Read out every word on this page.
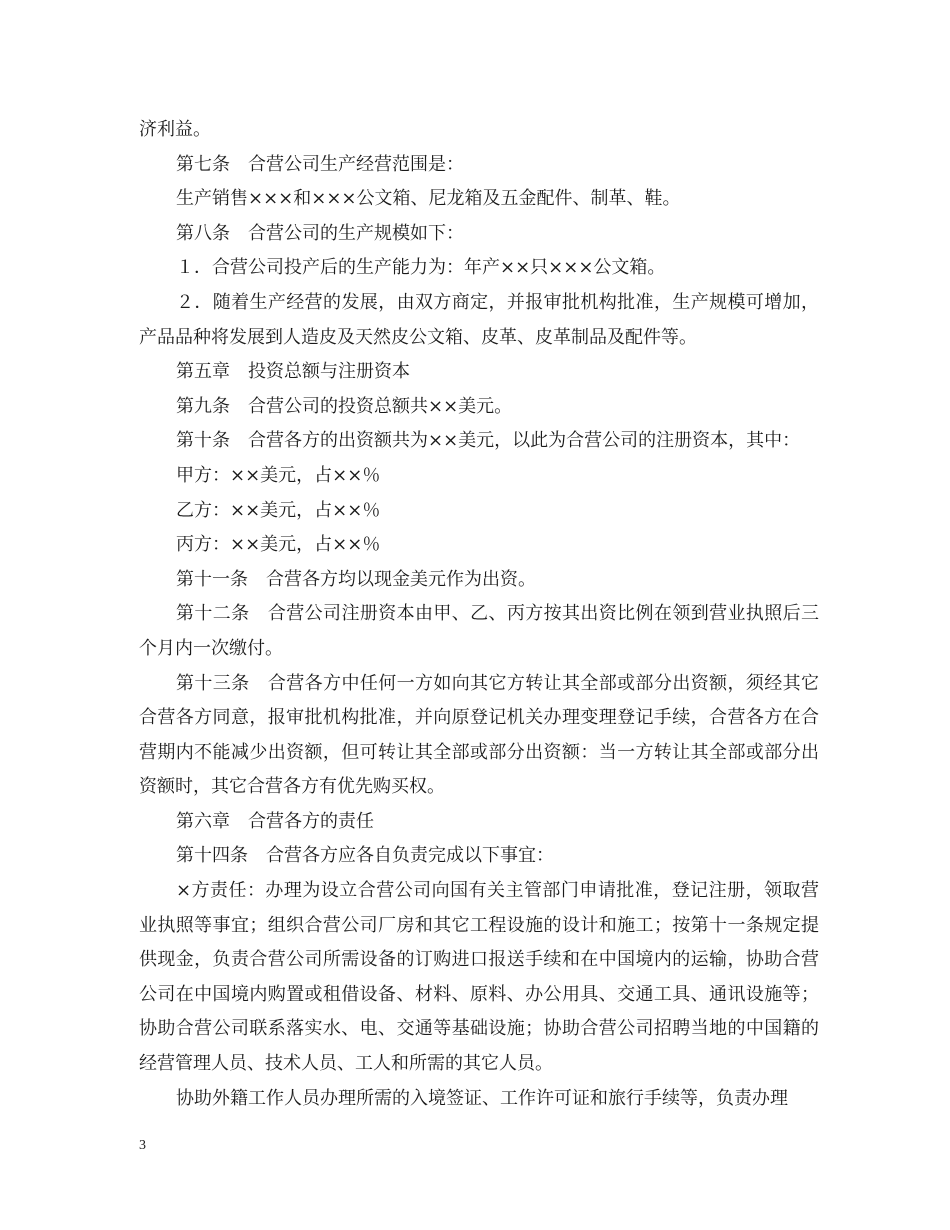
济利益。

第七条　合营公司生产经营范围是：

生产销售×××和×××公文箱、尼龙箱及五金配件、制革、鞋。

第八条　合营公司的生产规模如下：

１．合营公司投产后的生产能力为：年产××只×××公文箱。

２．随着生产经营的发展，由双方商定，并报审批机构批准，生产规模可增加，产品品种将发展到人造皮及天然皮公文箱、皮革、皮革制品及配件等。

第五章　投资总额与注册资本

第九条　合营公司的投资总额共××美元。

第十条　合营各方的出资额共为××美元，以此为合营公司的注册资本，其中：

甲方：××美元，占××％

乙方：××美元，占××％

丙方：××美元，占××％

第十一条　合营各方均以现金美元作为出资。

第十二条　合营公司注册资本由甲、乙、丙方按其出资比例在领到营业执照后三个月内一次缴付。

第十三条　合营各方中任何一方如向其它方转让其全部或部分出资额，须经其它合营各方同意，报审批机构批准，并向原登记机关办理变理登记手续，合营各方在合营期内不能减少出资额，但可转让其全部或部分出资额：当一方转让其全部或部分出资额时，其它合营各方有优先购买权。

第六章　合营各方的责任

第十四条　合营各方应各自负责完成以下事宜：

×方责任：办理为设立合营公司向国有关主管部门申请批准，登记注册，领取营业执照等事宜；组织合营公司厂房和其它工程设施的设计和施工；按第十一条规定提供现金，负责合营公司所需设备的订购进口报送手续和在中国境内的运输，协助合营公司在中国境内购置或租借设备、材料、原料、办公用具、交通工具、通讯设施等；协助合营公司联系落实水、电、交通等基础设施；协助合营公司招聘当地的中国籍的经营管理人员、技术人员、工人和所需的其它人员。

协助外籍工作人员办理所需的入境签证、工作许可证和旅行手续等，负责办理

3
